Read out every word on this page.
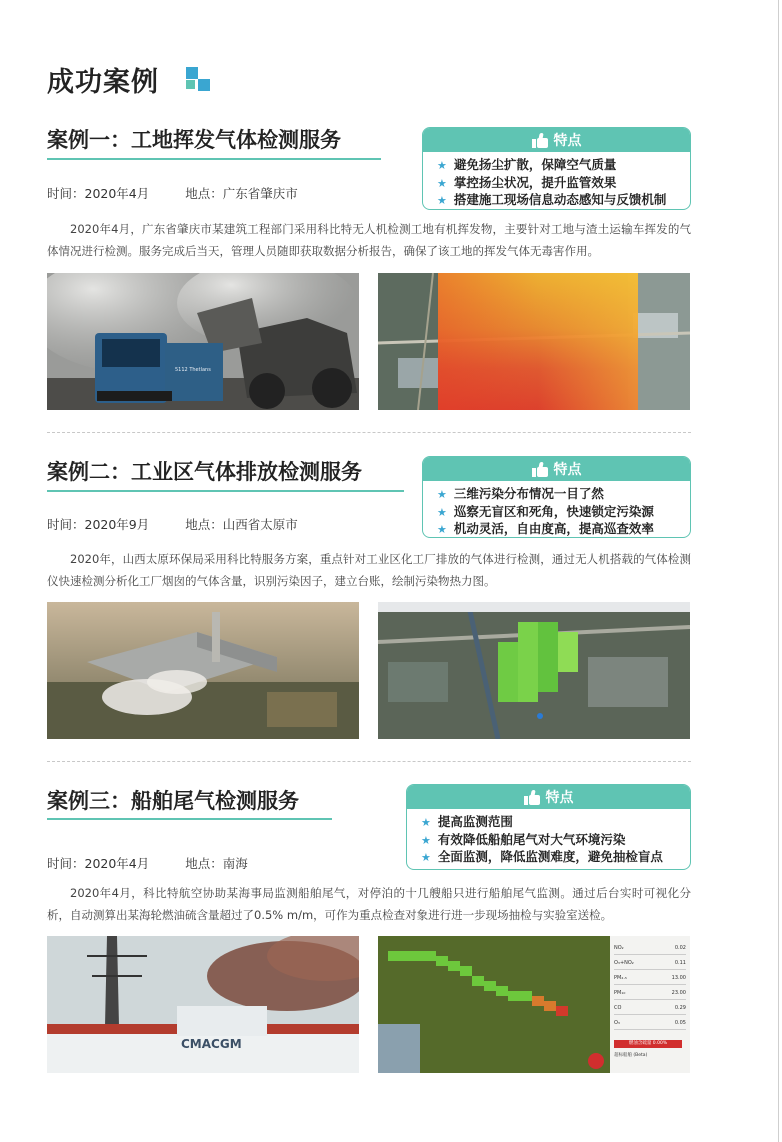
成功案例
案例一：工地挥发气体检测服务
时间：2020年4月	地点：广东省肇庆市
特点
★ 避免扬尘扩散，保障空气质量
★ 掌控扬尘状况，提升监管效果
★ 搭建施工现场信息动态感知与反馈机制
2020年4月，广东省肇庆市某建筑工程部门采用科比特无人机检测工地有机挥发物，主要针对工地与渣土运输车挥发的气体情况进行检测。服务完成后当天，管理人员随即获取数据分析报告，确保了该工地的挥发气体无毒害作用。
5112 Thetlans
案例二：工业区气体排放检测服务
时间：2020年9月	地点：山西省太原市
特点
★ 三维污染分布情况一目了然
★ 巡察无盲区和死角，快速锁定污染源
★ 机动灵活，自由度高，提高巡查效率
2020年，山西太原环保局采用科比特服务方案，重点针对工业区化工厂排放的气体进行检测，通过无人机搭载的气体检测仪快速检测分析化工厂烟囱的气体含量，识别污染因子，建立台账，绘制污染物热力图。
案例三：船舶尾气检测服务
时间：2020年4月	地点：南海
特点
★ 提高监测范围
★ 有效降低船舶尾气对大气环境污染
★ 全面监测，降低监测难度，避免抽检盲点
2020年4月，科比特航空协助某海事局监测船舶尾气，对停泊的十几艘船只进行船舶尾气监测。通过后台实时可视化分析，自动测算出某海轮燃油硫含量超过了0.5% m/m，可作为重点检查对象进行进一步现场抽检与实验室送检。
CMACGM
NO₂	0.02
O₃+NO₂	0.11
PM₂.₅	13.00
PM₁₀	23.00
CO	0.29
O₃	0.05
燃油含硫量 0.00%
超标船舶 (Beta)
